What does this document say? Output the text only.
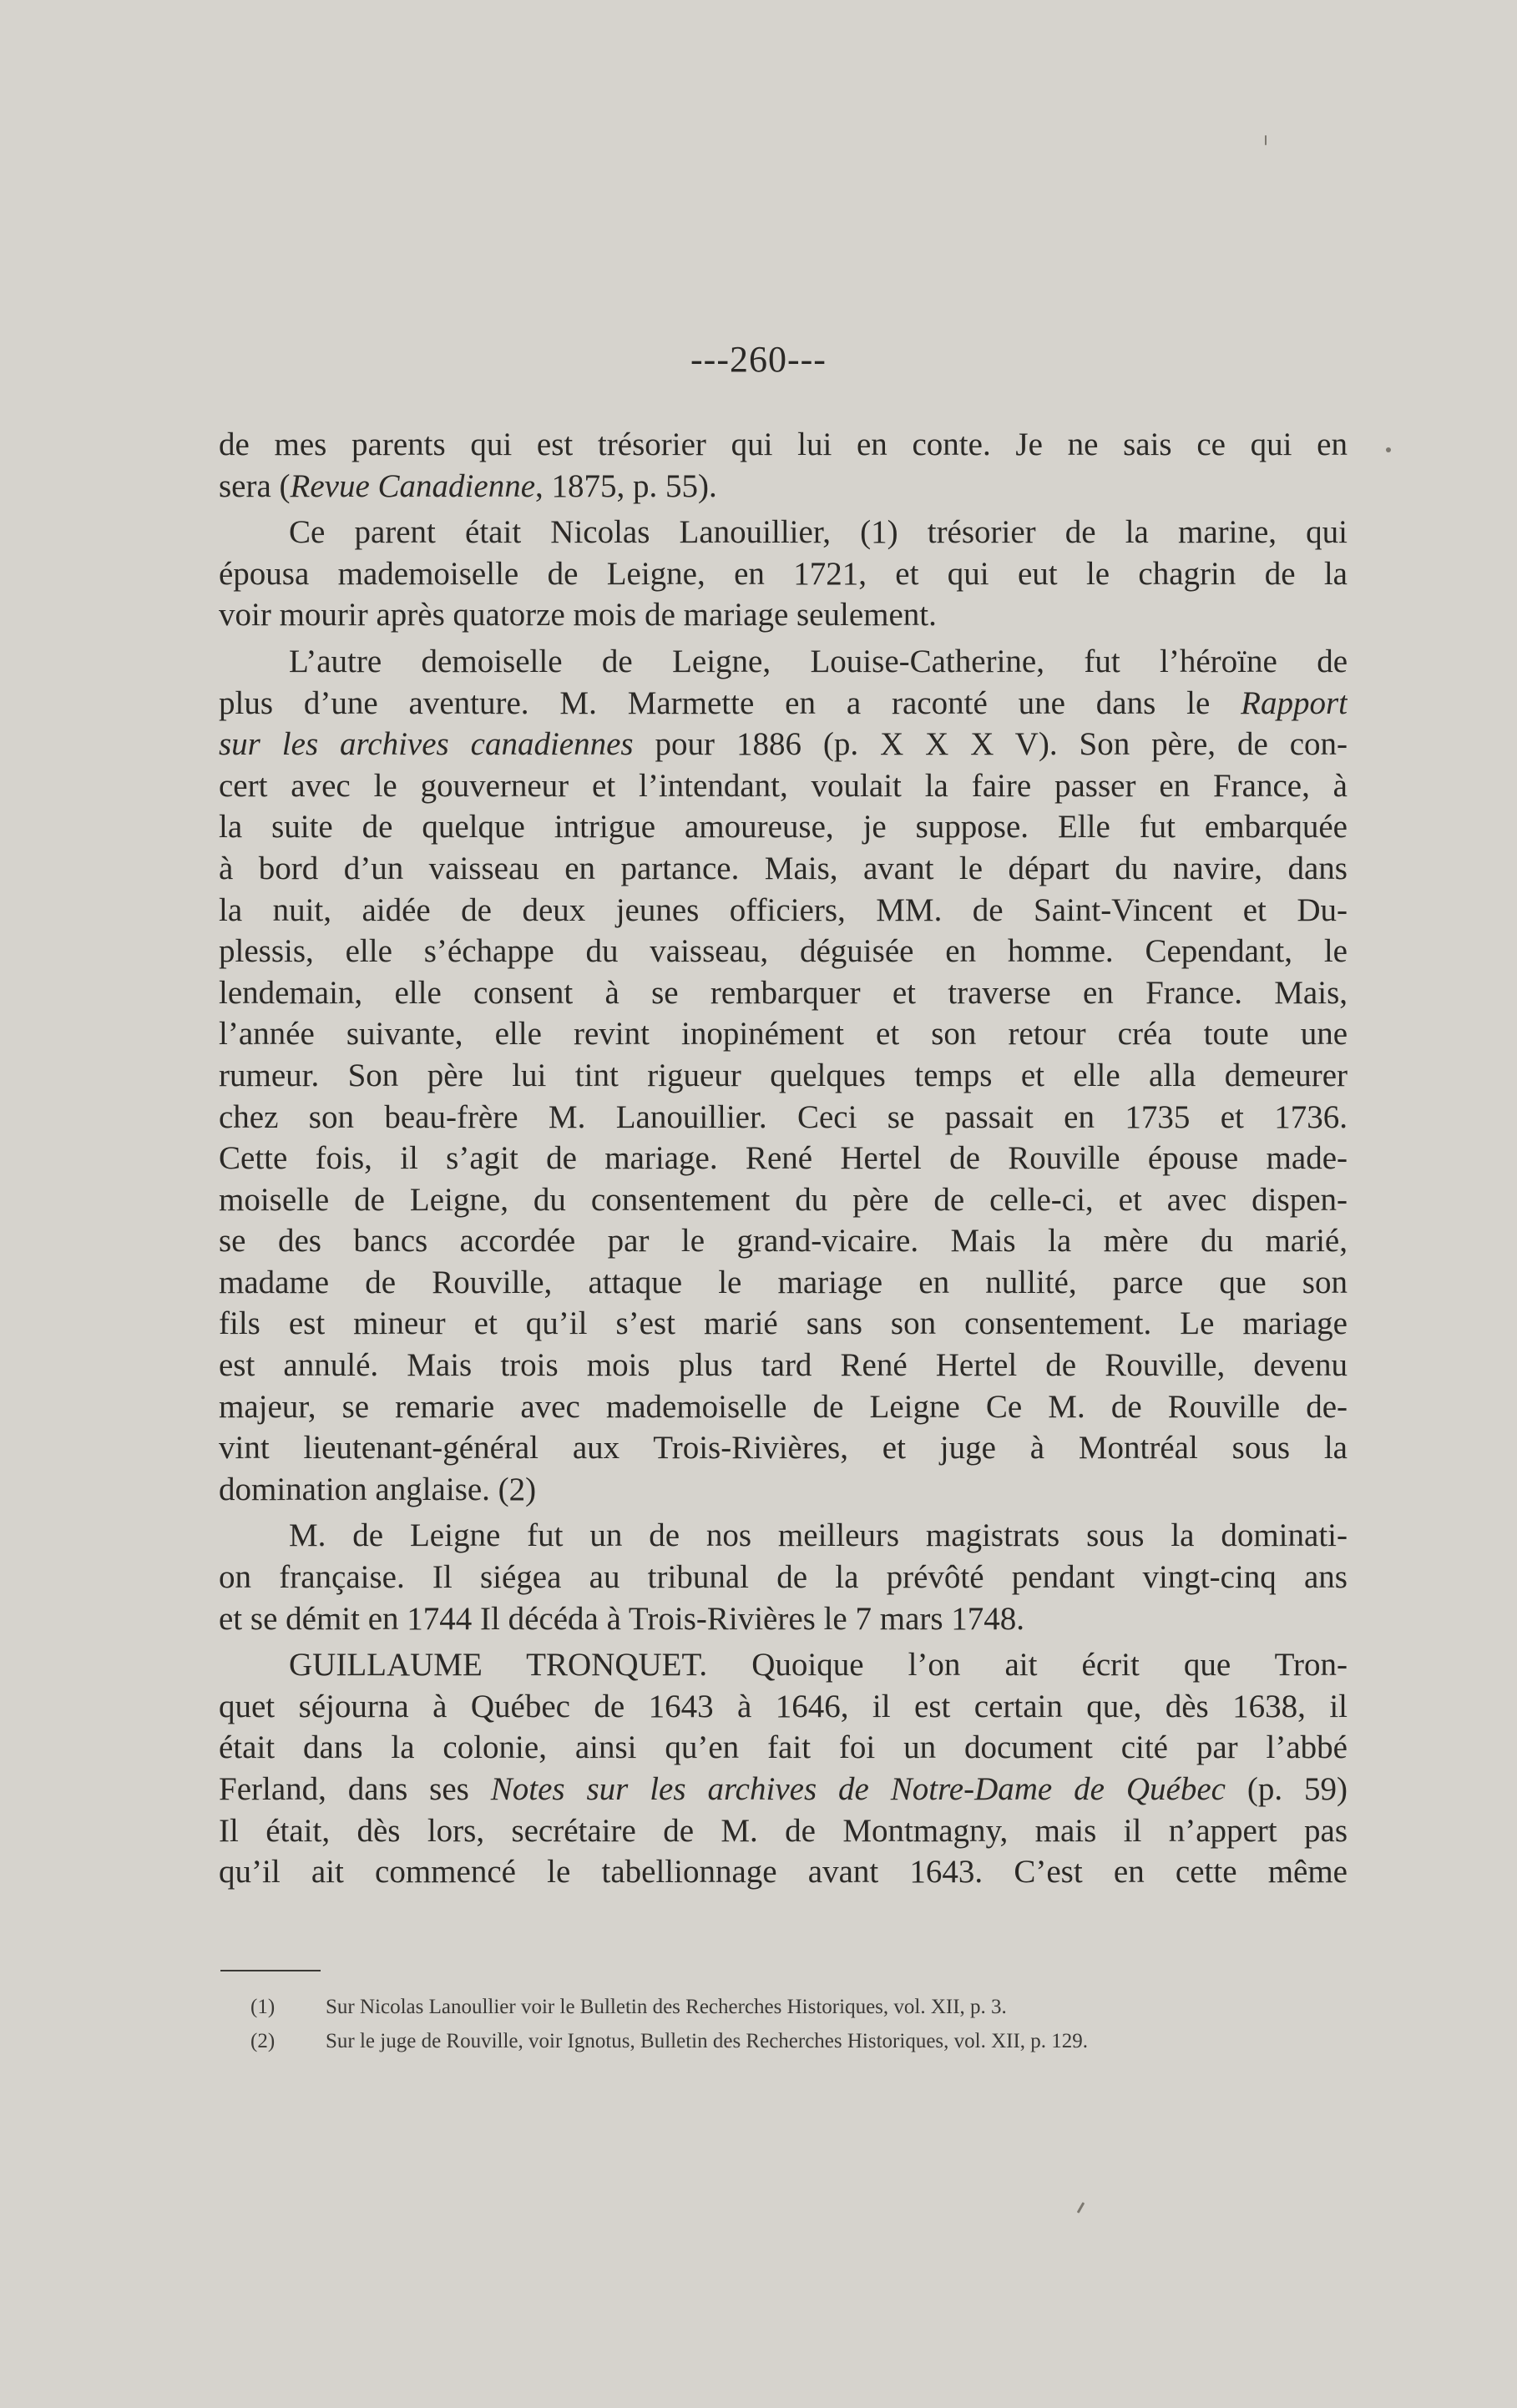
---260---
de mes parents qui est trésorier qui lui en conte. Je ne sais ce qui en
sera (Revue Canadienne, 1875, p. 55).
Ce parent était Nicolas Lanouillier, (1) trésorier de la marine, qui
épousa mademoiselle de Leigne, en 1721, et qui eut le chagrin de la
voir mourir après quatorze mois de mariage seulement.
L’autre demoiselle de Leigne, Louise-Catherine, fut l’héroïne de
plus d’une aventure. M. Marmette en a raconté une dans le Rapport
sur les archives canadiennes pour 1886 (p. X X X V). Son père, de con-
cert avec le gouverneur et l’intendant, voulait la faire passer en France, à
la suite de quelque intrigue amoureuse, je suppose. Elle fut embarquée
à bord d’un vaisseau en partance. Mais, avant le départ du navire, dans
la nuit, aidée de deux jeunes officiers, MM. de Saint-Vincent et Du-
plessis, elle s’échappe du vaisseau, déguisée en homme. Cependant, le
lendemain, elle consent à se rembarquer et traverse en France. Mais,
l’année suivante, elle revint inopinément et son retour créa toute une
rumeur. Son père lui tint rigueur quelques temps et elle alla demeurer
chez son beau-frère M. Lanouillier. Ceci se passait en 1735 et 1736.
Cette fois, il s’agit de mariage. René Hertel de Rouville épouse made-
moiselle de Leigne, du consentement du père de celle-ci, et avec dispen-
se des bancs accordée par le grand-vicaire. Mais la mère du marié,
madame de Rouville, attaque le mariage en nullité, parce que son
fils est mineur et qu’il s’est marié sans son consentement. Le mariage
est annulé. Mais trois mois plus tard René Hertel de Rouville, devenu
majeur, se remarie avec mademoiselle de Leigne Ce M. de Rouville de-
vint lieutenant-général aux Trois-Rivières, et juge à Montréal sous la
domination anglaise. (2)
M. de Leigne fut un de nos meilleurs magistrats sous la dominati-
on française. Il siégea au tribunal de la prévôté pendant vingt-cinq ans
et se démit en 1744 Il décéda à Trois-Rivières le 7 mars 1748.
GUILLAUME TRONQUET. Quoique l’on ait écrit que Tron-
quet séjourna à Québec de 1643 à 1646, il est certain que, dès 1638, il
était dans la colonie, ainsi qu’en fait foi un document cité par l’abbé
Ferland, dans ses Notes sur les archives de Notre-Dame de Québec (p. 59)
Il était, dès lors, secrétaire de M. de Montmagny, mais il n’appert pas
qu’il ait commencé le tabellionnage avant 1643. C’est en cette même
(1) Sur Nicolas Lanoullier voir le Bulletin des Recherches Historiques, vol. XII, p. 3.
(2) Sur le juge de Rouville, voir Ignotus, Bulletin des Recherches Historiques, vol. XII, p. 129.
